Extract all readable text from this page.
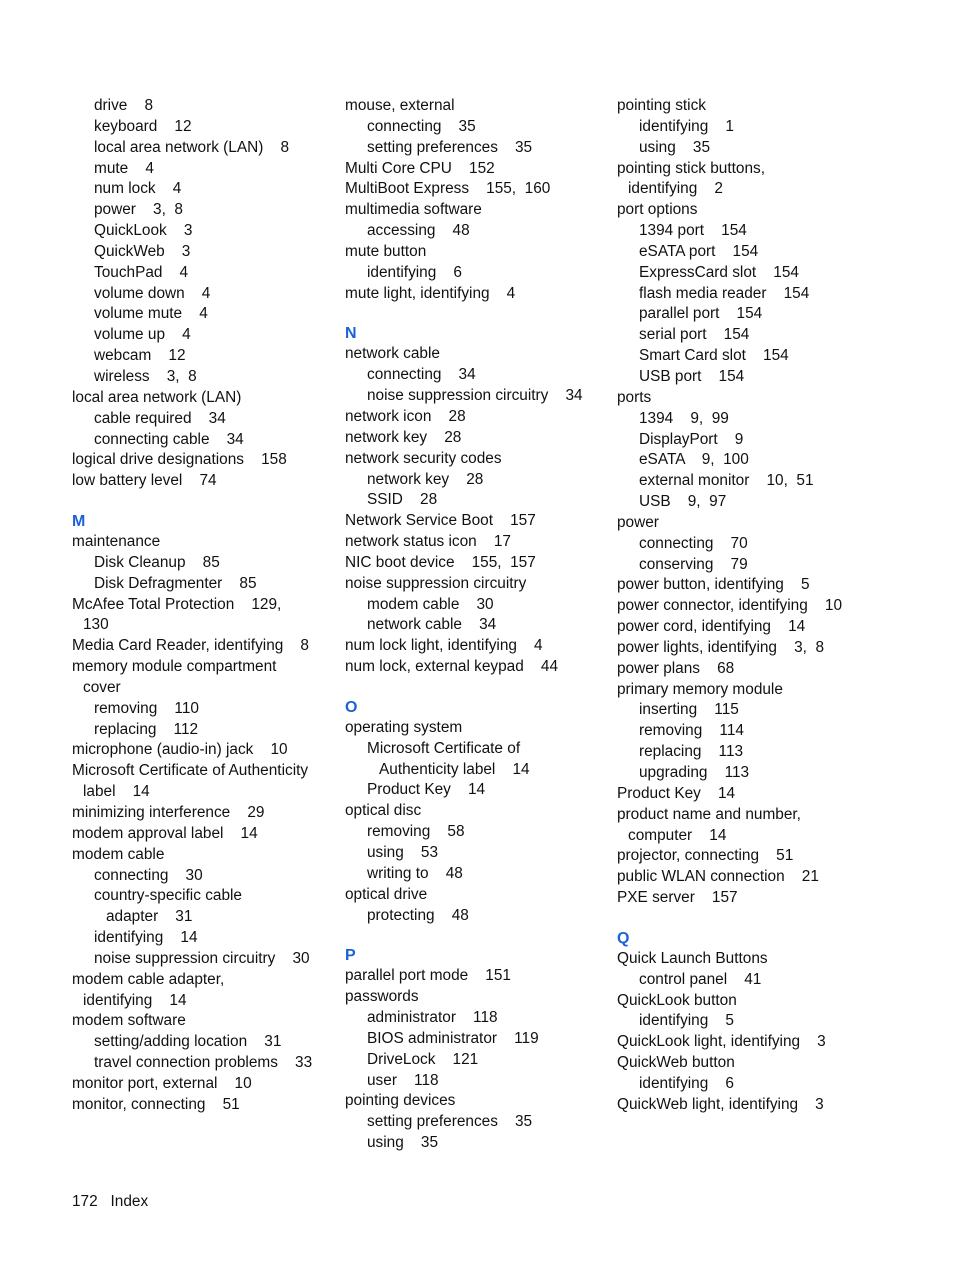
drive    8
keyboard    12
local area network (LAN)    8
mute    4
num lock    4
power    3,  8
QuickLook    3
QuickWeb    3
TouchPad    4
volume down    4
volume mute    4
volume up    4
webcam    12
wireless    3,  8
local area network (LAN)
cable required    34
connecting cable    34
logical drive designations    158
low battery level    74
M
maintenance
Disk Cleanup    85
Disk Defragmenter    85
McAfee Total Protection    129,
130
Media Card Reader, identifying    8
memory module compartment
cover
removing    110
replacing    112
microphone (audio-in) jack    10
Microsoft Certificate of Authenticity
label    14
minimizing interference    29
modem approval label    14
modem cable
connecting    30
country-specific cable
adapter    31
identifying    14
noise suppression circuitry    30
modem cable adapter,
identifying    14
modem software
setting/adding location    31
travel connection problems    33
monitor port, external    10
monitor, connecting    51
mouse, external
connecting    35
setting preferences    35
Multi Core CPU    152
MultiBoot Express    155,  160
multimedia software
accessing    48
mute button
identifying    6
mute light, identifying    4
N
network cable
connecting    34
noise suppression circuitry    34
network icon    28
network key    28
network security codes
network key    28
SSID    28
Network Service Boot    157
network status icon    17
NIC boot device    155,  157
noise suppression circuitry
modem cable    30
network cable    34
num lock light, identifying    4
num lock, external keypad    44
O
operating system
Microsoft Certificate of
Authenticity label    14
Product Key    14
optical disc
removing    58
using    53
writing to    48
optical drive
protecting    48
P
parallel port mode    151
passwords
administrator    118
BIOS administrator    119
DriveLock    121
user    118
pointing devices
setting preferences    35
using    35
pointing stick
identifying    1
using    35
pointing stick buttons,
identifying    2
port options
1394 port    154
eSATA port    154
ExpressCard slot    154
flash media reader    154
parallel port    154
serial port    154
Smart Card slot    154
USB port    154
ports
1394    9,  99
DisplayPort    9
eSATA    9,  100
external monitor    10,  51
USB    9,  97
power
connecting    70
conserving    79
power button, identifying    5
power connector, identifying    10
power cord, identifying    14
power lights, identifying    3,  8
power plans    68
primary memory module
inserting    115
removing    114
replacing    113
upgrading    113
Product Key    14
product name and number,
computer    14
projector, connecting    51
public WLAN connection    21
PXE server    157
Q
Quick Launch Buttons
control panel    41
QuickLook button
identifying    5
QuickLook light, identifying    3
QuickWeb button
identifying    6
QuickWeb light, identifying    3
172 Index
